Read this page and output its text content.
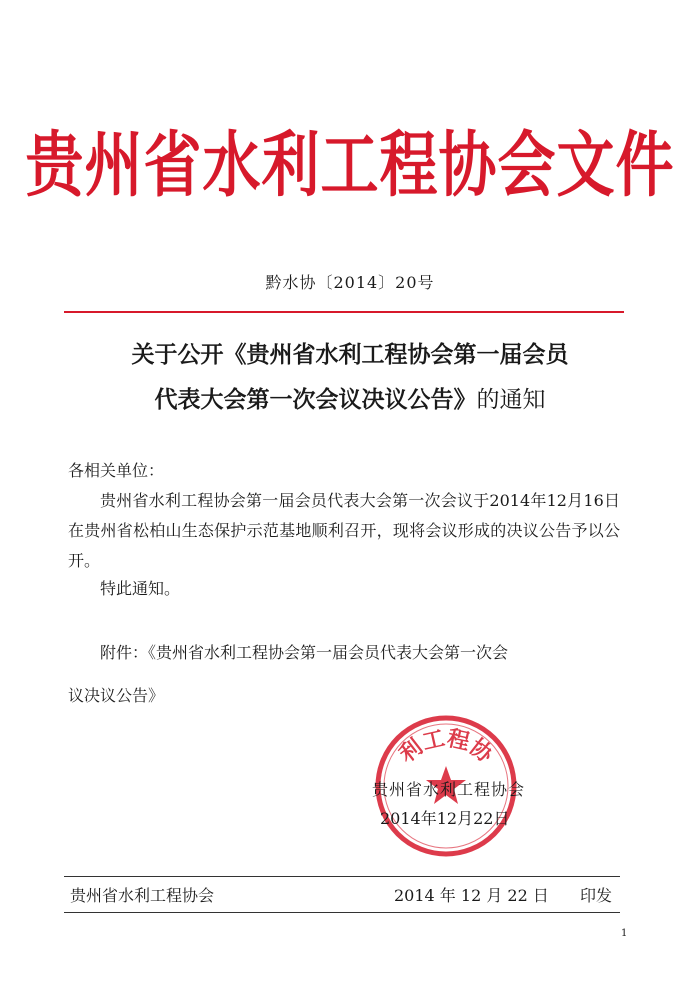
贵州省水利工程协会文件
黔水协〔2014〕20号
关于公开《贵州省水利工程协会第一届会员
代表大会第一次会议决议公告》的通知
各相关单位：
贵州省水利工程协会第一届会员代表大会第一次会议于2014年12月16日在贵州省松柏山生态保护示范基地顺利召开，现将会议形成的决议公告予以公开。
特此通知。
附件：《贵州省水利工程协会第一届会员代表大会第一次会
议决议公告》
利工程协
贵州省水利工程协会
2014年12月22日
贵州省水利工程协会	2014 年 12 月 22 日 印发
1
